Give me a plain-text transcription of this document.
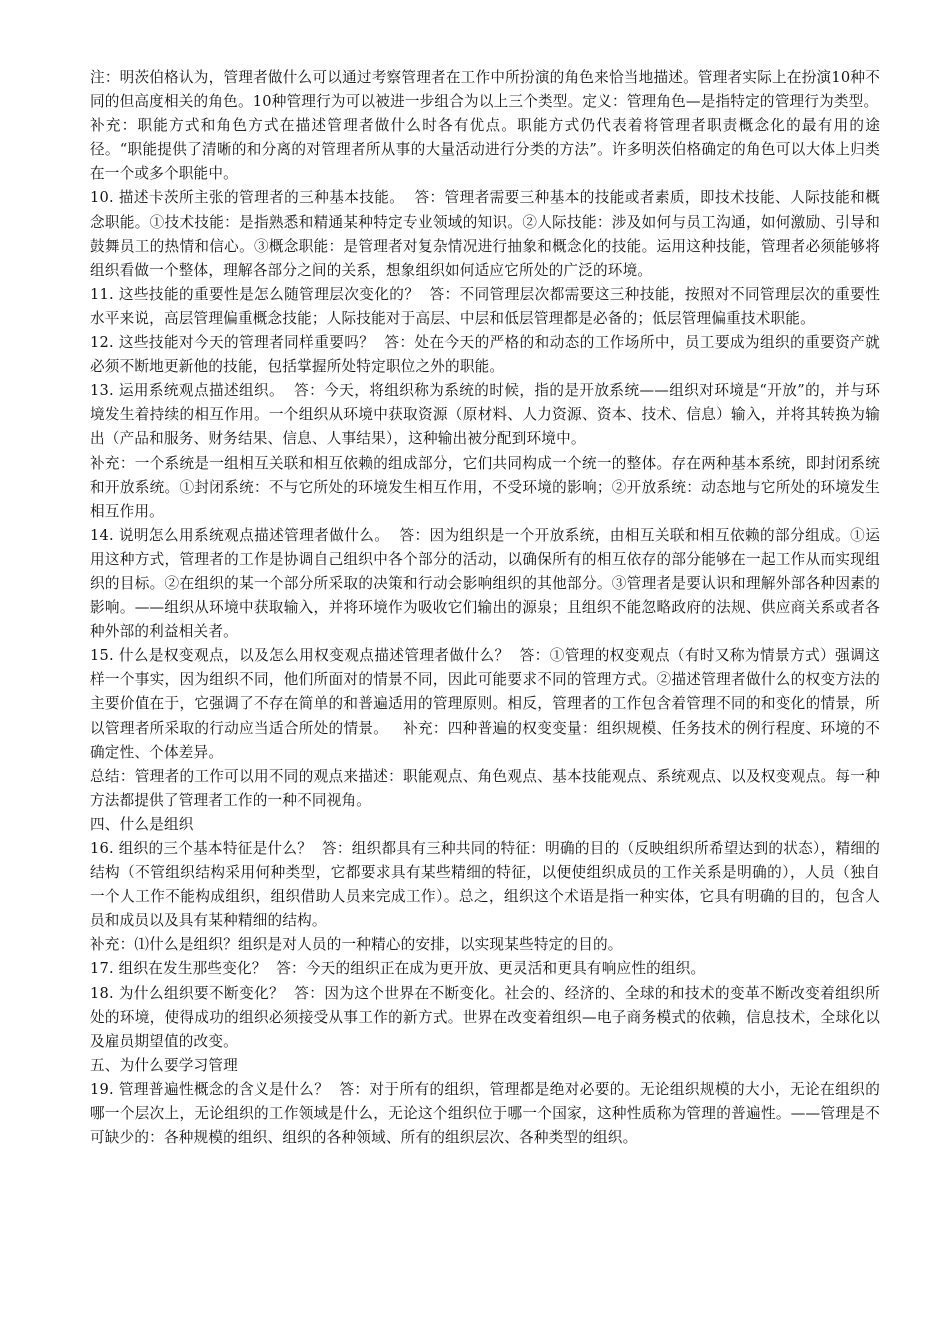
注：明茨伯格认为，管理者做什么可以通过考察管理者在工作中所扮演的角色来恰当地描述。管理者实际上在扮演10种不同的但高度相关的角色。10种管理行为可以被进一步组合为以上三个类型。定义：管理角色—是指特定的管理行为类型。

补充：职能方式和角色方式在描述管理者做什么时各有优点。职能方式仍代表着将管理者职责概念化的最有用的途径。“职能提供了清晰的和分离的对管理者所从事的大量活动进行分类的方法”。许多明茨伯格确定的角色可以大体上归类在一个或多个职能中。

10. 描述卡茨所主张的管理者的三种基本技能。  答：管理者需要三种基本的技能或者素质，即技术技能、人际技能和概念职能。①技术技能：是指熟悉和精通某种特定专业领域的知识。②人际技能：涉及如何与员工沟通，如何激励、引导和鼓舞员工的热情和信心。③概念职能：是管理者对复杂情况进行抽象和概念化的技能。运用这种技能，管理者必须能够将组织看做一个整体，理解各部分之间的关系，想象组织如何适应它所处的广泛的环境。

11. 这些技能的重要性是怎么随管理层次变化的？  答：不同管理层次都需要这三种技能，按照对不同管理层次的重要性水平来说，高层管理偏重概念技能；人际技能对于高层、中层和低层管理都是必备的；低层管理偏重技术职能。

12. 这些技能对今天的管理者同样重要吗？  答：处在今天的严格的和动态的工作场所中，员工要成为组织的重要资产就必须不断地更新他的技能，包括掌握所处特定职位之外的职能。

13. 运用系统观点描述组织。  答：今天，将组织称为系统的时候，指的是开放系统——组织对环境是“开放”的，并与环境发生着持续的相互作用。一个组织从环境中获取资源（原材料、人力资源、资本、技术、信息）输入，并将其转换为输出（产品和服务、财务结果、信息、人事结果），这种输出被分配到环境中。

补充：一个系统是一组相互关联和相互依赖的组成部分，它们共同构成一个统一的整体。存在两种基本系统，即封闭系统和开放系统。①封闭系统：不与它所处的环境发生相互作用，不受环境的影响；②开放系统：动态地与它所处的环境发生相互作用。

14. 说明怎么用系统观点描述管理者做什么。  答：因为组织是一个开放系统，由相互关联和相互依赖的部分组成。①运用这种方式，管理者的工作是协调自己组织中各个部分的活动，以确保所有的相互依存的部分能够在一起工作从而实现组织的目标。②在组织的某一个部分所采取的决策和行动会影响组织的其他部分。③管理者是要认识和理解外部各种因素的影响。——组织从环境中获取输入，并将环境作为吸收它们输出的源泉；且组织不能忽略政府的法规、供应商关系或者各种外部的利益相关者。

15. 什么是权变观点，以及怎么用权变观点描述管理者做什么？  答：①管理的权变观点（有时又称为情景方式）强调这样一个事实，因为组织不同，他们所面对的情景不同，因此可能要求不同的管理方式。②描述管理者做什么的权变方法的主要价值在于，它强调了不存在简单的和普遍适用的管理原则。相反，管理者的工作包含着管理不同的和变化的情景，所以管理者所采取的行动应当适合所处的情景。   补充：四种普遍的权变变量：组织规模、任务技术的例行程度、环境的不确定性、个体差异。

总结：管理者的工作可以用不同的观点来描述：职能观点、角色观点、基本技能观点、系统观点、以及权变观点。每一种方法都提供了管理者工作的一种不同视角。

四、什么是组织

16. 组织的三个基本特征是什么？  答：组织都具有三种共同的特征：明确的目的（反映组织所希望达到的状态），精细的结构（不管组织结构采用何种类型，它都要求具有某些精细的特征，以便使组织成员的工作关系是明确的），人员（独自一个人工作不能构成组织，组织借助人员来完成工作）。总之，组织这个术语是指一种实体，它具有明确的目的，包含人员和成员以及具有某种精细的结构。

补充：⑴什么是组织？组织是对人员的一种精心的安排，以实现某些特定的目的。

17. 组织在发生那些变化？  答：今天的组织正在成为更开放、更灵活和更具有响应性的组织。

18. 为什么组织要不断变化？  答：因为这个世界在不断变化。社会的、经济的、全球的和技术的变革不断改变着组织所处的环境，使得成功的组织必须接受从事工作的新方式。世界在改变着组织—电子商务模式的依赖，信息技术，全球化以及雇员期望值的改变。

五、为什么要学习管理

19. 管理普遍性概念的含义是什么？  答：对于所有的组织，管理都是绝对必要的。无论组织规模的大小，无论在组织的哪一个层次上，无论组织的工作领域是什么，无论这个组织位于哪一个国家，这种性质称为管理的普遍性。——管理是不可缺少的：各种规模的组织、组织的各种领域、所有的组织层次、各种类型的组织。
